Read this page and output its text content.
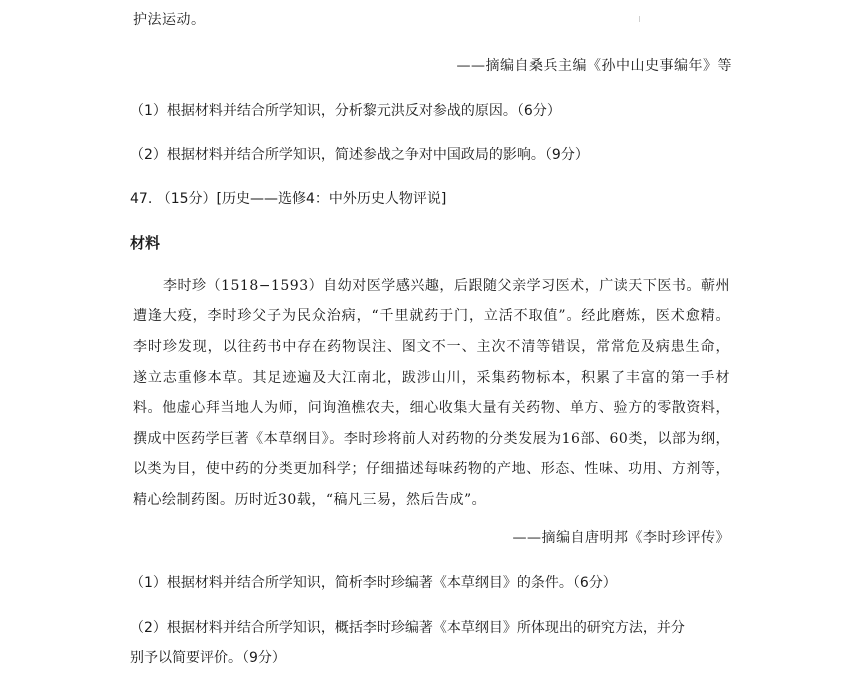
护法运动。
——摘编自桑兵主编《孙中山史事编年》等
（1）根据材料并结合所学知识，分析黎元洪反对参战的原因。（6分）
（2）根据材料并结合所学知识，简述参战之争对中国政局的影响。（9分）
47. （15分）[历史——选修4：中外历史人物评说]
材料
李时珍（1518−1593）自幼对医学感兴趣，后跟随父亲学习医术，广读天下医书。蕲州
遭逢大疫，李时珍父子为民众治病，“千里就药于门，立活不取值”。经此磨炼，医术愈精。
李时珍发现，以往药书中存在药物误注、图文不一、主次不清等错误，常常危及病患生命，
遂立志重修本草。其足迹遍及大江南北，跋涉山川，采集药物标本，积累了丰富的第一手材
料。他虚心拜当地人为师，问询渔樵农夫，细心收集大量有关药物、单方、验方的零散资料，
撰成中医药学巨著《本草纲目》。李时珍将前人对药物的分类发展为16部、60类，以部为纲，
以类为目，使中药的分类更加科学；仔细描述每味药物的产地、形态、性味、功用、方剂等，
精心绘制药图。历时近30载，“稿凡三易，然后告成”。
——摘编自唐明邦《李时珍评传》
（1）根据材料并结合所学知识，简析李时珍编著《本草纲目》的条件。（6分）
（2）根据材料并结合所学知识，概括李时珍编著《本草纲目》所体现出的研究方法，并分
别予以简要评价。（9分）
